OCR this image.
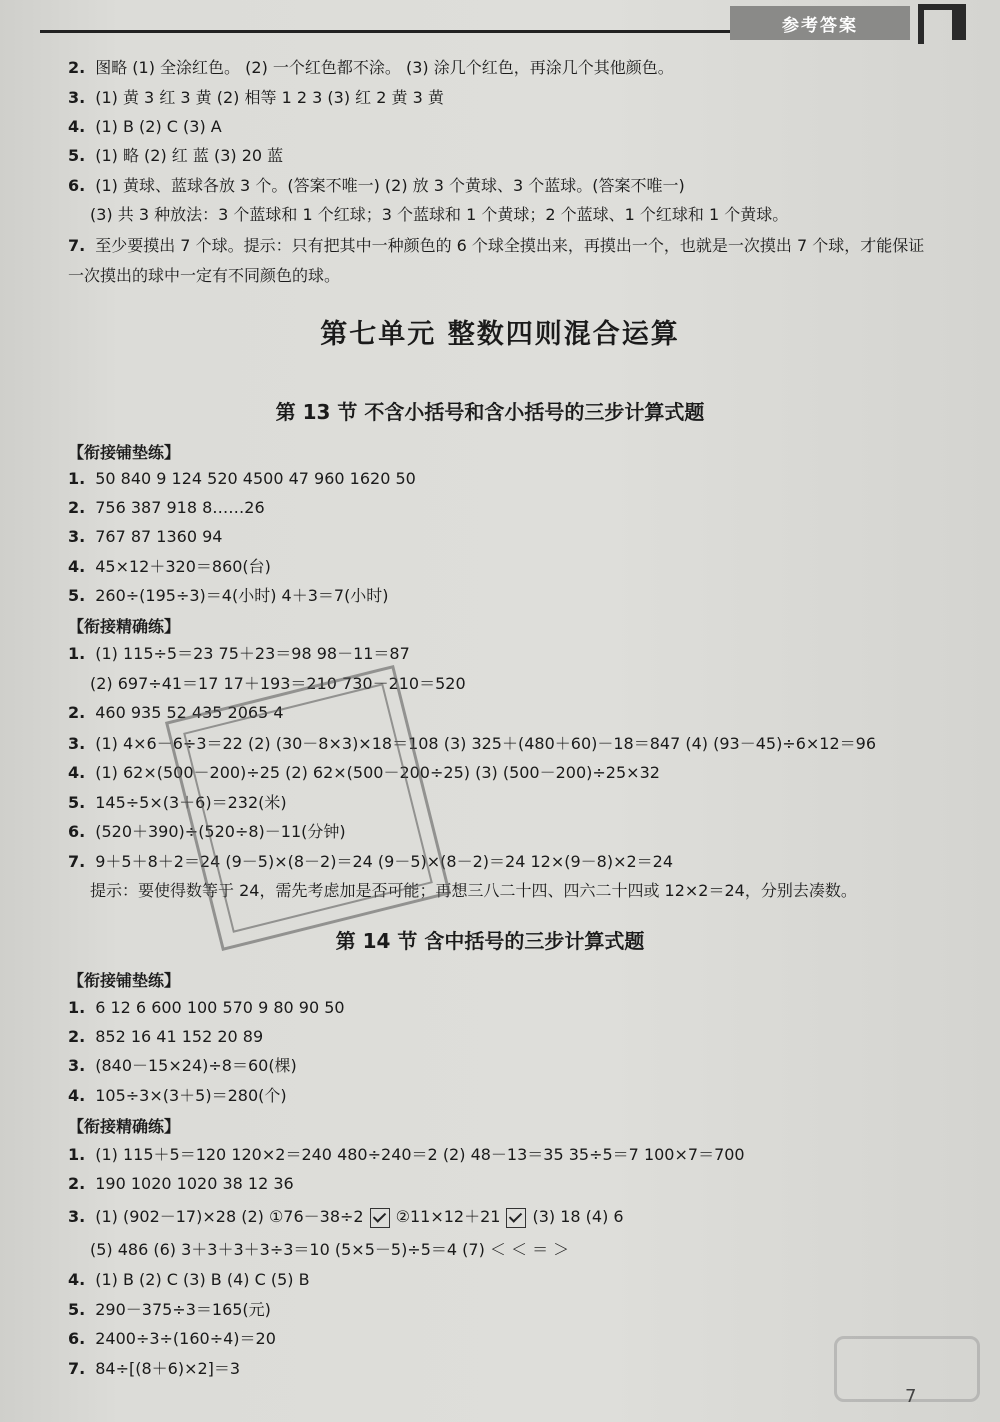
参考答案
2. 图略 (1) 全涂红色。 (2) 一个红色都不涂。 (3) 涂几个红色，再涂几个其他颜色。
3. (1) 黄 3 红 3 黄 (2) 相等 1 2 3 (3) 红 2 黄 3 黄
4. (1) B (2) C (3) A
5. (1) 略 (2) 红 蓝 (3) 20 蓝
6. (1) 黄球、蓝球各放 3 个。(答案不唯一) (2) 放 3 个黄球、3 个蓝球。(答案不唯一)
(3) 共 3 种放法：3 个蓝球和 1 个红球；3 个蓝球和 1 个黄球；2 个蓝球、1 个红球和 1 个黄球。
7. 至少要摸出 7 个球。提示：只有把其中一种颜色的 6 个球全摸出来，再摸出一个，也就是一次摸出 7 个球，才能保证
一次摸出的球中一定有不同颜色的球。
第七单元 整数四则混合运算
第 13 节 不含小括号和含小括号的三步计算式题
【衔接铺垫练】
1. 50 840 9 124 520 4500 47 960 1620 50
2. 756 387 918 8……26
3. 767 87 1360 94
4. 45×12＋320＝860(台)
5. 260÷(195÷3)＝4(小时) 4＋3＝7(小时)
【衔接精确练】
1. (1) 115÷5＝23 75＋23＝98 98－11＝87
(2) 697÷41＝17 17＋193＝210 730－210＝520
2. 460 935 52 435 2065 4
3. (1) 4×6－6÷3＝22 (2) (30－8×3)×18＝108 (3) 325＋(480＋60)－18＝847 (4) (93－45)÷6×12＝96
4. (1) 62×(500－200)÷25 (2) 62×(500－200÷25) (3) (500－200)÷25×32
5. 145÷5×(3＋6)＝232(米)
6. (520＋390)÷(520÷8)－11(分钟)
7. 9＋5＋8＋2＝24 (9－5)×(8－2)＝24 (9－5)×(8－2)＝24 12×(9－8)×2＝24
提示：要使得数等于 24，需先考虑加是否可能；再想三八二十四、四六二十四或 12×2＝24，分别去凑数。
第 14 节 含中括号的三步计算式题
【衔接铺垫练】
1. 6 12 6 600 100 570 9 80 90 50
2. 852 16 41 152 20 89
3. (840－15×24)÷8＝60(棵)
4. 105÷3×(3＋5)＝280(个)
【衔接精确练】
1. (1) 115＋5＝120 120×2＝240 480÷240＝2 (2) 48－13＝35 35÷5＝7 100×7＝700
2. 190 1020 1020 38 12 36
3. (1) (902－17)×28 (2) ①76－38÷2 ②11×12＋21 (3) 18 (4) 6
(5) 486 (6) 3＋3＋3＋3÷3＝10 (5×5－5)÷5＝4 (7) ＜ ＜ ＝ ＞
4. (1) B (2) C (3) B (4) C (5) B
5. 290－375÷3＝165(元)
6. 2400÷3÷(160÷4)＝20
7. 84÷[(8＋6)×2]＝3
7
